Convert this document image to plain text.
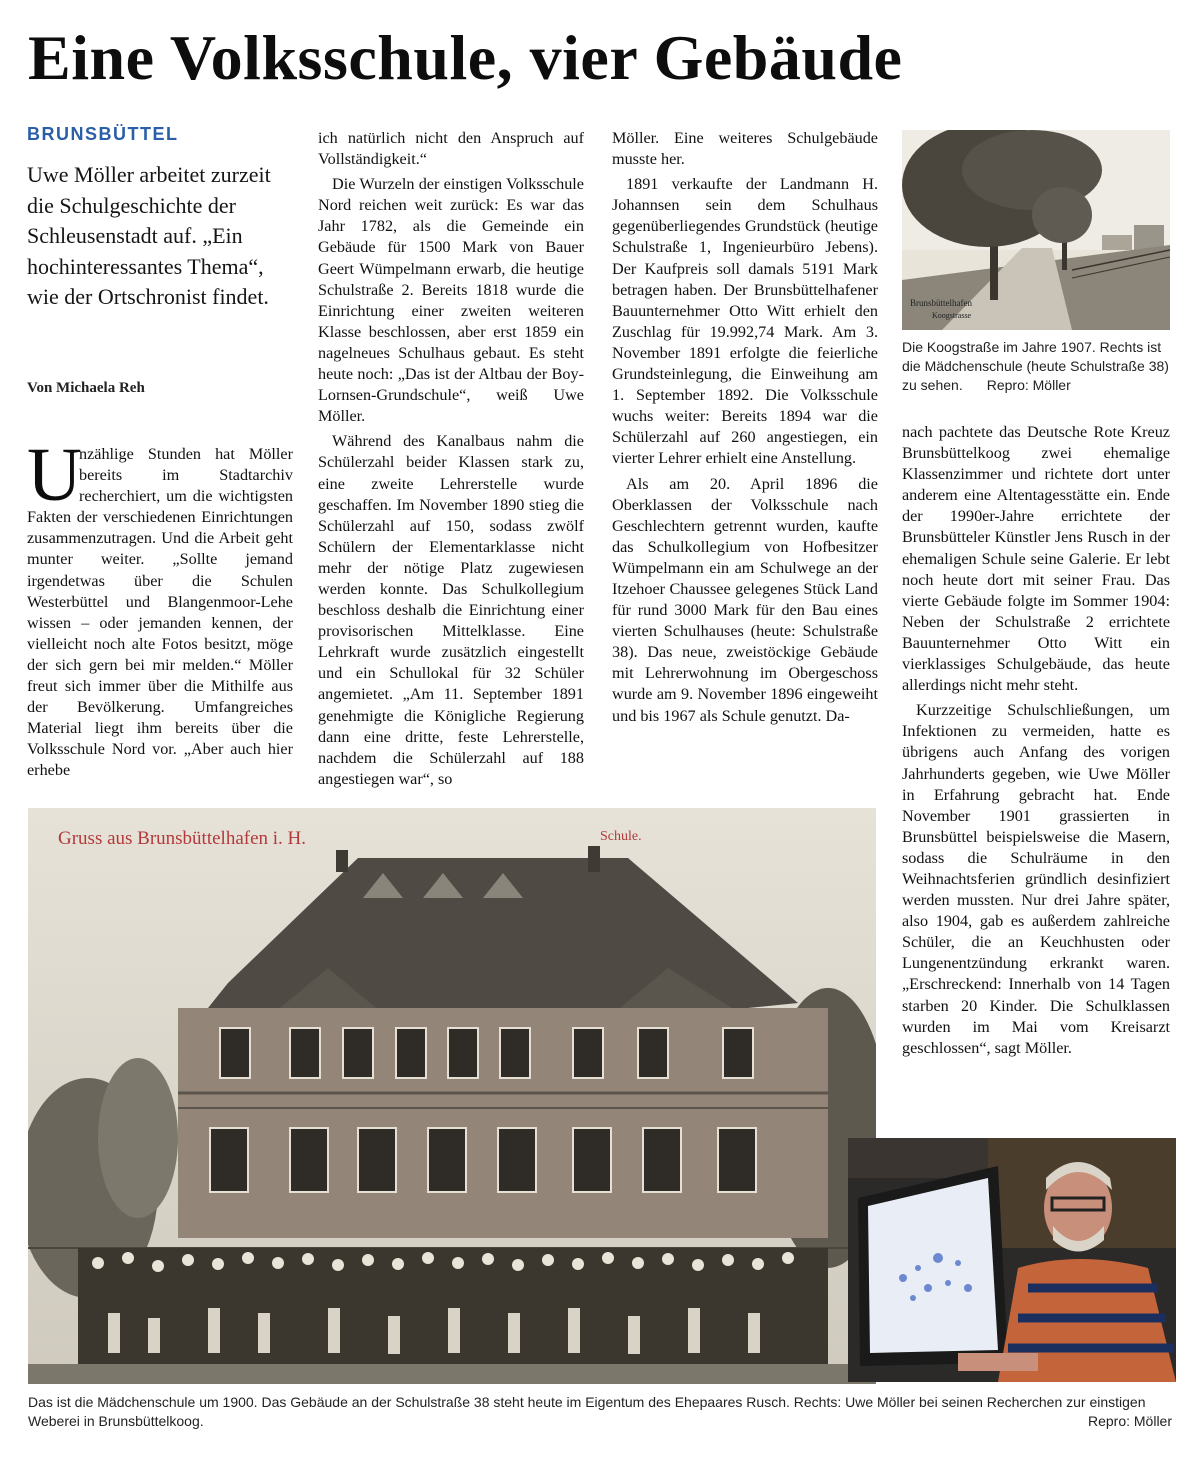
Eine Volksschule, vier Gebäude
BRUNSBÜTTEL
Uwe Möller arbeitet zurzeit die Schulgeschichte der Schleusenstadt auf. „Ein hochinteressantes Thema“, wie der Ortschronist findet.
Von Michaela Reh
U
nzählige Stunden hat Möller bereits im Stadtarchiv recherchiert, um die wichtigsten Fakten der verschiedenen Einrichtungen zusammenzutragen. Und die Arbeit geht munter weiter. „Sollte jemand irgendetwas über die Schulen Westerbüttel und Blangenmoor-Lehe wissen – oder jemanden kennen, der vielleicht noch alte Fotos besitzt, möge der sich gern bei mir melden.“ Möller freut sich immer über die Mithilfe aus der Bevölkerung. Umfangreiches Material liegt ihm bereits über die Volksschule Nord vor. „Aber auch hier erhebe

ich natürlich nicht den Anspruch auf Vollständigkeit.“

Die Wurzeln der einstigen Volksschule Nord reichen weit zurück: Es war das Jahr 1782, als die Gemeinde ein Gebäude für 1500 Mark von Bauer Geert Wümpelmann erwarb, die heutige Schulstraße 2. Bereits 1818 wurde die Einrichtung einer zweiten weiteren Klasse beschlossen, aber erst 1859 ein nagelneues Schulhaus gebaut. Es steht heute noch: „Das ist der Altbau der Boy-Lornsen-Grundschule“, weiß Uwe Möller.

Während des Kanalbaus nahm die Schülerzahl beider Klassen stark zu, eine zweite Lehrerstelle wurde geschaffen. Im November 1890 stieg die Schülerzahl auf 150, sodass zwölf Schülern der Elementarklasse nicht mehr der nötige Platz zugewiesen werden konnte. Das Schulkollegium beschloss deshalb die Einrichtung einer provisorischen Mittelklasse. Eine Lehrkraft wurde zusätzlich eingestellt und ein Schullokal für 32 Schüler angemietet. „Am 11. September 1891 genehmigte die Königliche Regierung dann eine dritte, feste Lehrerstelle, nachdem die Schülerzahl auf 188 angestiegen war“, so

Möller. Eine weiteres Schulgebäude musste her.

1891 verkaufte der Landmann H. Johannsen sein dem Schulhaus gegenüberliegendes Grundstück (heutige Schulstraße 1, Ingenieurbüro Jebens). Der Kaufpreis soll damals 5191 Mark betragen haben. Der Brunsbüttelhafener Bauunternehmer Otto Witt erhielt den Zuschlag für 19.992,74 Mark. Am 3. November 1891 erfolgte die feierliche Grundsteinlegung, die Einweihung am 1. September 1892. Die Volksschule wuchs weiter: Bereits 1894 war die Schülerzahl auf 260 angestiegen, ein vierter Lehrer erhielt eine Anstellung.

Als am 20. April 1896 die Oberklassen der Volksschule nach Geschlechtern getrennt wurden, kaufte das Schulkollegium von Hofbesitzer Wümpelmann ein am Schulwege an der Itzehoer Chaussee gelegenes Stück Land für rund 3000 Mark für den Bau eines vierten Schulhauses (heute: Schulstraße 38). Das neue, zweistöckige Gebäude mit Lehrerwohnung im Obergeschoss wurde am 9. November 1896 eingeweiht und bis 1967 als Schule genutzt. Da-

Brunsbüttelhafen
Koogstrasse
Die Koogstraße im Jahre 1907. Rechts ist die Mädchenschule (heute Schulstraße 38) zu sehen. Repro: Möller

nach pachtete das Deutsche Rote Kreuz Brunsbüttelkoog zwei ehemalige Klassenzimmer und richtete dort unter anderem eine Altentagesstätte ein. Ende der 1990er-Jahre errichtete der Brunsbütteler Künstler Jens Rusch in der ehemaligen Schule seine Galerie. Er lebt noch heute dort mit seiner Frau. Das vierte Gebäude folgte im Sommer 1904: Neben der Schulstraße 2 errichtete Bauunternehmer Otto Witt ein vierklassiges Schulgebäude, das heute allerdings nicht mehr steht.

Kurzzeitige Schulschließungen, um Infektionen zu vermeiden, hatte es übrigens auch Anfang des vorigen Jahrhunderts gegeben, wie Uwe Möller in Erfahrung gebracht hat. Ende November 1901 grassierten in Brunsbüttel beispielsweise die Masern, sodass die Schulräume in den Weihnachtsferien gründlich desinfiziert werden mussten. Nur drei Jahre später, also 1904, gab es außerdem zahlreiche Schüler, die an Keuchhusten oder Lungenentzündung erkrankt waren. „Erschreckend: Innerhalb von 14 Tagen starben 20 Kinder. Die Schulklassen wurden im Mai vom Kreisarzt geschlossen“, sagt Möller.

Gruss aus Brunsbüttelhafen i. H.	Schule.
Das ist die Mädchenschule um 1900. Das Gebäude an der Schulstraße 38 steht heute im Eigentum des Ehepaares Rusch. Rechts: Uwe Möller bei seinen Recherchen zur einstigen Weberei in Brunsbüttelkoog.	Repro: Möller
